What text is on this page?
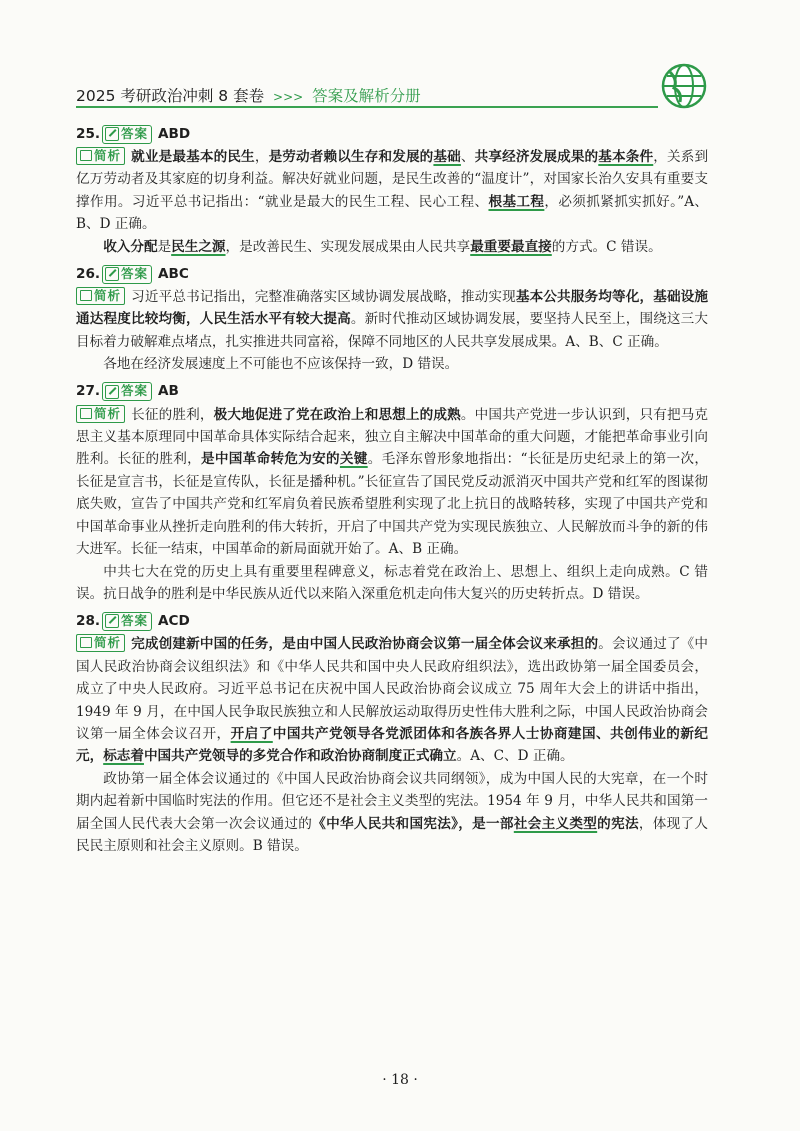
2025 考研政治冲刺 8 套卷 >>> 答案及解析分册
25. 答案 ABD
简析 就业是最基本的民生，是劳动者赖以生存和发展的基础、共享经济发展成果的基本条件，关系到亿万劳动者及其家庭的切身利益。解决好就业问题，是民生改善的“温度计”，对国家长治久安具有重要支撑作用。习近平总书记指出：“就业是最大的民生工程、民心工程、根基工程，必须抓紧抓实抓好。”A、B、D 正确。
收入分配是民生之源，是改善民生、实现发展成果由人民共享最重要最直接的方式。C 错误。
26. 答案 ABC
简析 习近平总书记指出，完整准确落实区域协调发展战略，推动实现基本公共服务均等化，基础设施通达程度比较均衡，人民生活水平有较大提高。新时代推动区域协调发展，要坚持人民至上，围绕这三大目标着力破解难点堵点，扎实推进共同富裕，保障不同地区的人民共享发展成果。A、B、C 正确。
各地在经济发展速度上不可能也不应该保持一致，D 错误。
27. 答案 AB
简析 长征的胜利，极大地促进了党在政治上和思想上的成熟。中国共产党进一步认识到，只有把马克思主义基本原理同中国革命具体实际结合起来，独立自主解决中国革命的重大问题，才能把革命事业引向胜利。长征的胜利，是中国革命转危为安的关键。毛泽东曾形象地指出：“长征是历史纪录上的第一次，长征是宣言书，长征是宣传队，长征是播种机。”长征宣告了国民党反动派消灭中国共产党和红军的图谋彻底失败，宣告了中国共产党和红军肩负着民族希望胜利实现了北上抗日的战略转移，实现了中国共产党和中国革命事业从挫折走向胜利的伟大转折，开启了中国共产党为实现民族独立、人民解放而斗争的新的伟大进军。长征一结束，中国革命的新局面就开始了。A、B 正确。
中共七大在党的历史上具有重要里程碑意义，标志着党在政治上、思想上、组织上走向成熟。C 错误。抗日战争的胜利是中华民族从近代以来陷入深重危机走向伟大复兴的历史转折点。D 错误。
28. 答案 ACD
简析 完成创建新中国的任务，是由中国人民政治协商会议第一届全体会议来承担的。会议通过了《中国人民政治协商会议组织法》和《中华人民共和国中央人民政府组织法》，选出政协第一届全国委员会，成立了中央人民政府。习近平总书记在庆祝中国人民政治协商会议成立 75 周年大会上的讲话中指出，1949 年 9 月，在中国人民争取民族独立和人民解放运动取得历史性伟大胜利之际，中国人民政治协商会议第一届全体会议召开，开启了中国共产党领导各党派团体和各族各界人士协商建国、共创伟业的新纪元，标志着中国共产党领导的多党合作和政治协商制度正式确立。A、C、D 正确。
政协第一届全体会议通过的《中国人民政治协商会议共同纲领》，成为中国人民的大宪章，在一个时期内起着新中国临时宪法的作用。但它还不是社会主义类型的宪法。1954 年 9 月，中华人民共和国第一届全国人民代表大会第一次会议通过的《中华人民共和国宪法》，是一部社会主义类型的宪法，体现了人民民主原则和社会主义原则。B 错误。
· 18 ·
